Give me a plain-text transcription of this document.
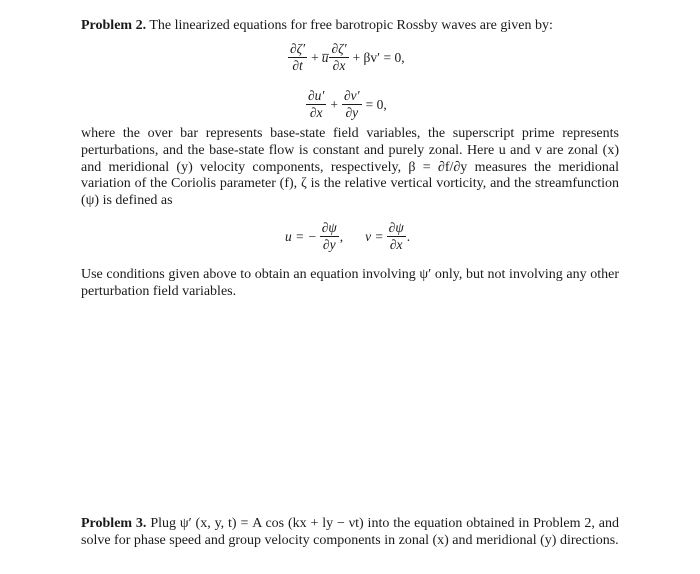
Problem 2. The linearized equations for free barotropic Rossby waves are given by:
$\frac{\partial\zeta'}{\partial t}$ + u̅ $\frac{\partial\zeta'}{\partial x} + \beta v' = 0$,
$\frac{\partial u'}{\partial x} + \frac{\partial v'}{\partial y} = 0$,
where the over bar represents base-state field variables, the superscript prime represents perturbations, and the base-state flow is constant and purely zonal. Here u and v are zonal (x) and meridional (y) velocity components, respectively, β = ∂f/∂y measures the meridional variation of the Coriolis parameter (f), ζ is the relative vertical vorticity, and the streamfunction (ψ) is defined as
u = − $\frac{\partial\psi}{\partial y}$ , $v = \frac{\partial\psi}{\partial x}$ .
Use conditions given above to obtain an equation involving ψ′ only, but not involving any other perturbation field variables.
Problem 3. Plug ψ′ (x, y, t) = A cos (kx + ly − νt) into the equation obtained in Problem 2, and solve for phase speed and group velocity components in zonal (x) and meridional (y) directions.
